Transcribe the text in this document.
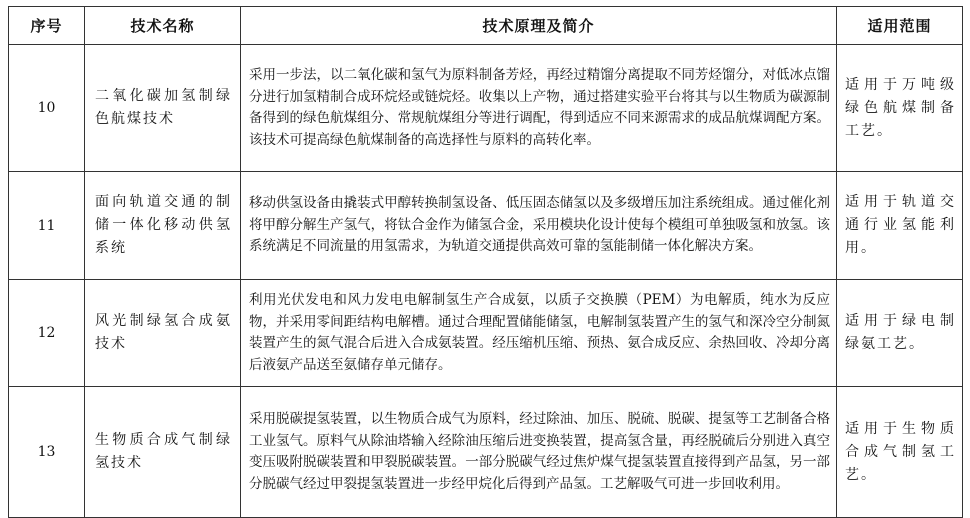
序号	技术名称	技术原理及简介	适用范围
10	二氧化碳加氢制绿色航煤技术	采用一步法，以二氧化碳和氢气为原料制备芳烃，再经过精馏分离提取不同芳烃馏分，对低冰点馏分进行加氢精制合成环烷烃或链烷烃。收集以上产物，通过搭建实验平台将其与以生物质为碳源制备得到的绿色航煤组分、常规航煤组分等进行调配，得到适应不同来源需求的成品航煤调配方案。该技术可提高绿色航煤制备的高选择性与原料的高转化率。	适用于万吨级绿色航煤制备工艺。
11	面向轨道交通的制储一体化移动供氢系统	移动供氢设备由撬装式甲醇转换制氢设备、低压固态储氢以及多级增压加注系统组成。通过催化剂将甲醇分解生产氢气，将钛合金作为储氢合金，采用模块化设计使每个模组可单独吸氢和放氢。该系统满足不同流量的用氢需求，为轨道交通提供高效可靠的氢能制储一体化解决方案。	适用于轨道交通行业氢能利用。
12	风光制绿氢合成氨技术	利用光伏发电和风力发电电解制氢生产合成氨，以质子交换膜（PEM）为电解质，纯水为反应物，并采用零间距结构电解槽。通过合理配置储能储氢，电解制氢装置产生的氢气和深冷空分制氮装置产生的氮气混合后进入合成氨装置。经压缩机压缩、预热、氨合成反应、余热回收、冷却分离后液氨产品送至氨储存单元储存。	适用于绿电制绿氨工艺。
13	生物质合成气制绿氢技术	采用脱碳提氢装置，以生物质合成气为原料，经过除油、加压、脱硫、脱碳、提氢等工艺制备合格工业氢气。原料气从除油塔输入经除油压缩后进变换装置，提高氢含量，再经脱硫后分别进入真空变压吸附脱碳装置和甲裂脱碳装置。一部分脱碳气经过焦炉煤气提氢装置直接得到产品氢，另一部分脱碳气经过甲裂提氢装置进一步经甲烷化后得到产品氢。工艺解吸气可进一步回收利用。	适用于生物质合成气制氢工艺。
